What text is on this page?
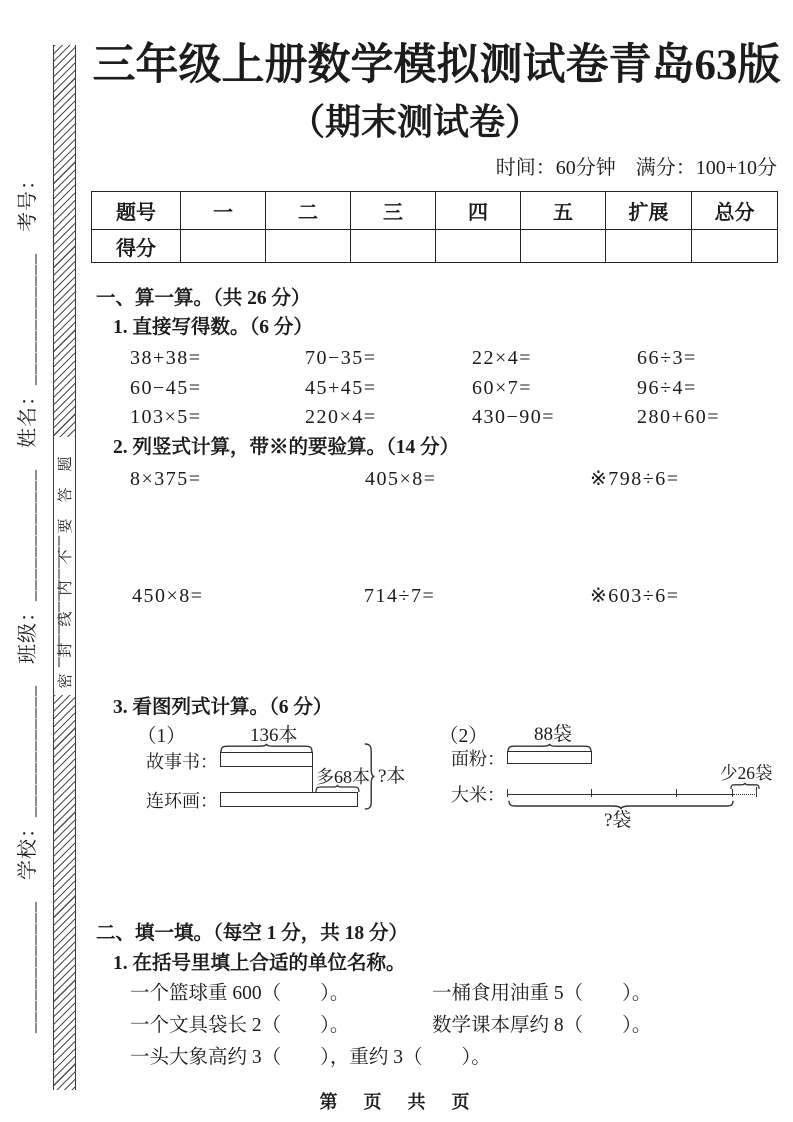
____________　学校：____________　班级：____________　姓名：____________　考号：____________
密封线内不要答题
三年级上册数学模拟测试卷青岛63版
（期末测试卷）
时间：60分钟　满分：100+10分
题号	一	二	三	四	五	扩展	总分
得分							
一、算一算。（共 26 分）
1. 直接写得数。（6 分）
38+38=	70−35=	22×4=	66÷3=
60−45=	45+45=	60×7=	96÷4=
103×5=	220×4=	430−90=	280+60=
2. 列竖式计算，带※的要验算。（14 分）
8×375=	405×8=	※798÷6=
450×8=	714÷7=	※603÷6=
3. 看图列式计算。（6 分）
（1）	136本
故事书：
多68本
连环画：
?本
（2） 88袋
面粉：
少26袋
大米：
?袋
二、填一填。（每空 1 分，共 18 分）
1. 在括号里填上合适的单位名称。
一个篮球重 600（　　）。	一桶食用油重 5（　　）。
一个文具袋长 2（　　）。	数学课本厚约 8（　　）。
一头大象高约 3（　　），重约 3（　　）。
第　页　共　页
